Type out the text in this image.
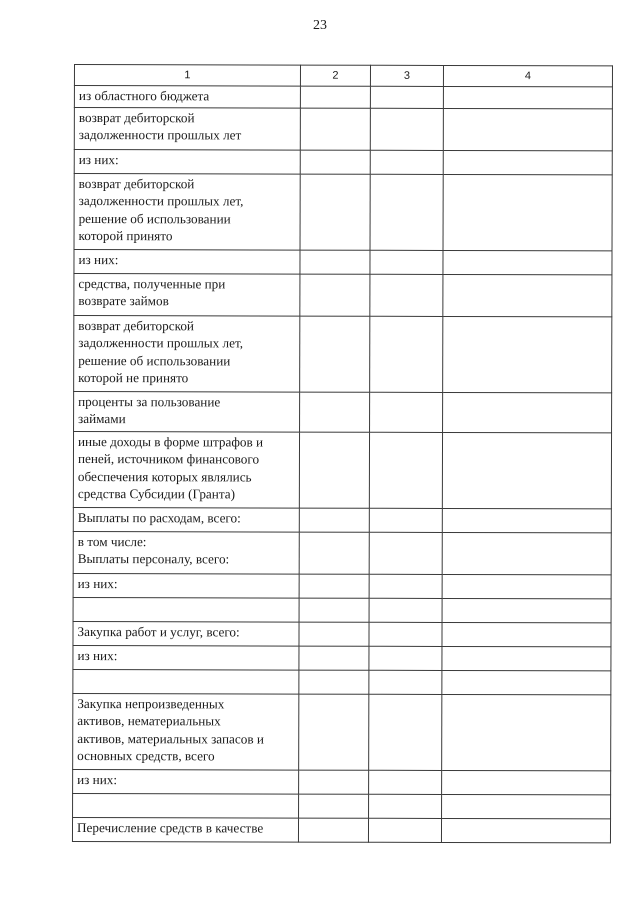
23
1	2	3	4

из областного бюджета			

возврат дебиторской
задолженности прошлых лет			

из них:			

возврат дебиторской
задолженности прошлых лет,
решение об использовании
которой принято			

из них:			

средства, полученные при
возврате займов			

возврат дебиторской
задолженности прошлых лет,
решение об использовании
которой не принято			

проценты за пользование
займами			

иные доходы в форме штрафов и
пеней, источником финансового
обеспечения которых являлись
средства Субсидии (Гранта)			

Выплаты по расходам, всего:			

в том числе:
Выплаты персоналу, всего:			

из них:			

Закупка работ и услуг, всего:			

из них:			

Закупка непроизведенных
активов, нематериальных
активов, материальных запасов и
основных средств, всего			

из них:			

Перечисление средств в качестве			
